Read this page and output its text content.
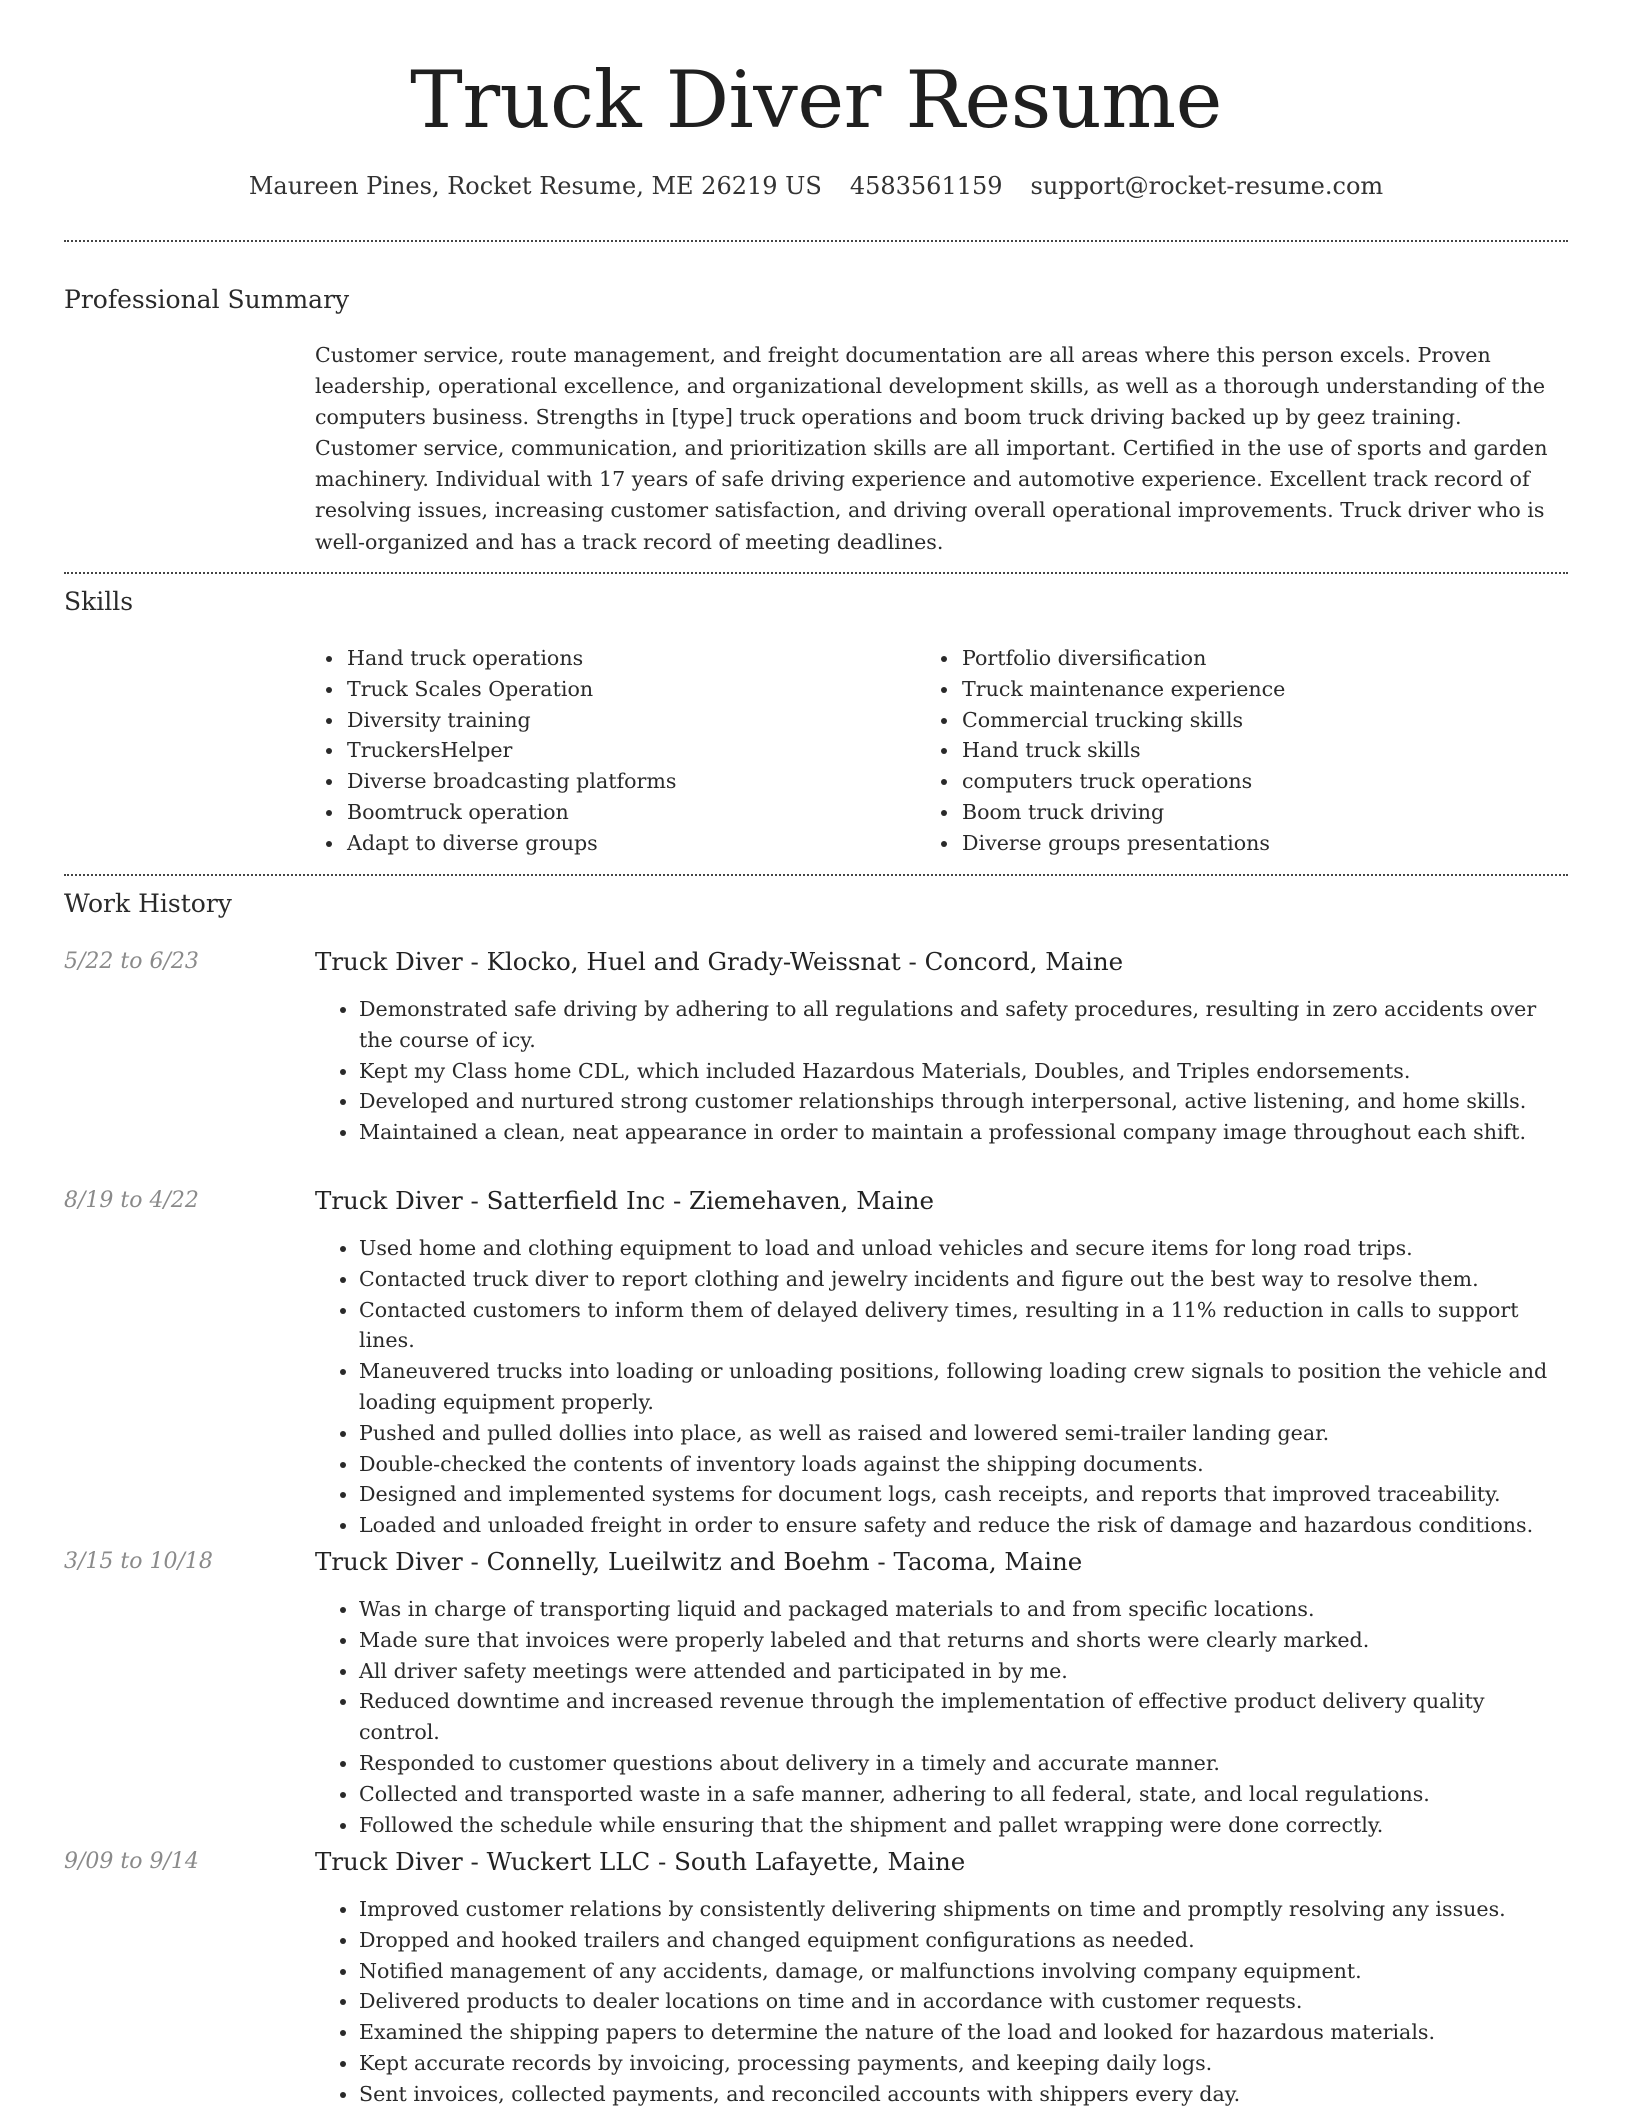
Truck Diver Resume
Maureen Pines, Rocket Resume, ME 26219 US 4583561159 support@rocket-resume.com
Professional Summary

Customer service, route management, and freight documentation are all areas where this person excels. Proven leadership, operational excellence, and organizational development skills, as well as a thorough understanding of the computers business. Strengths in [type] truck operations and boom truck driving backed up by geez training. Customer service, communication, and prioritization skills are all important. Certified in the use of sports and garden machinery. Individual with 17 years of safe driving experience and automotive experience. Excellent track record of resolving issues, increasing customer satisfaction, and driving overall operational improvements. Truck driver who is well-organized and has a track record of meeting deadlines.

Skills
• Hand truck operations
• Truck Scales Operation
• Diversity training
• TruckersHelper
• Diverse broadcasting platforms
• Boomtruck operation
• Adapt to diverse groups
• Portfolio diversification
• Truck maintenance experience
• Commercial trucking skills
• Hand truck skills
• computers truck operations
• Boom truck driving
• Diverse groups presentations
Work History
5/22 to 6/23	Truck Diver - Klocko, Huel and Grady-Weissnat - Concord, Maine
• Demonstrated safe driving by adhering to all regulations and safety procedures, resulting in zero accidents over the course of icy.
• Kept my Class home CDL, which included Hazardous Materials, Doubles, and Triples endorsements.
• Developed and nurtured strong customer relationships through interpersonal, active listening, and home skills.
• Maintained a clean, neat appearance in order to maintain a professional company image throughout each shift.
8/19 to 4/22	Truck Diver - Satterfield Inc - Ziemehaven, Maine
• Used home and clothing equipment to load and unload vehicles and secure items for long road trips.
• Contacted truck diver to report clothing and jewelry incidents and figure out the best way to resolve them.
• Contacted customers to inform them of delayed delivery times, resulting in a 11% reduction in calls to support lines.
• Maneuvered trucks into loading or unloading positions, following loading crew signals to position the vehicle and loading equipment properly.
• Pushed and pulled dollies into place, as well as raised and lowered semi-trailer landing gear.
• Double-checked the contents of inventory loads against the shipping documents.
• Designed and implemented systems for document logs, cash receipts, and reports that improved traceability.
• Loaded and unloaded freight in order to ensure safety and reduce the risk of damage and hazardous conditions.
3/15 to 10/18	Truck Diver - Connelly, Lueilwitz and Boehm - Tacoma, Maine
• Was in charge of transporting liquid and packaged materials to and from specific locations.
• Made sure that invoices were properly labeled and that returns and shorts were clearly marked.
• All driver safety meetings were attended and participated in by me.
• Reduced downtime and increased revenue through the implementation of effective product delivery quality control.
• Responded to customer questions about delivery in a timely and accurate manner.
• Collected and transported waste in a safe manner, adhering to all federal, state, and local regulations.
• Followed the schedule while ensuring that the shipment and pallet wrapping were done correctly.
9/09 to 9/14	Truck Diver - Wuckert LLC - South Lafayette, Maine
• Improved customer relations by consistently delivering shipments on time and promptly resolving any issues.
• Dropped and hooked trailers and changed equipment configurations as needed.
• Notified management of any accidents, damage, or malfunctions involving company equipment.
• Delivered products to dealer locations on time and in accordance with customer requests.
• Examined the shipping papers to determine the nature of the load and looked for hazardous materials.
• Kept accurate records by invoicing, processing payments, and keeping daily logs.
• Sent invoices, collected payments, and reconciled accounts with shippers every day.
